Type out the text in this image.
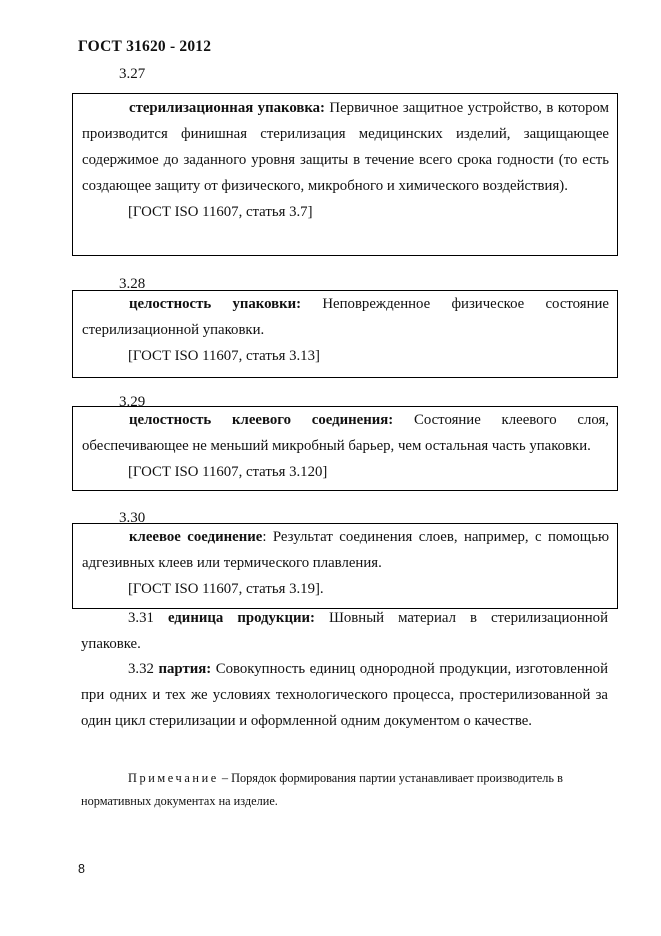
ГОСТ 31620 - 2012
3.27
стерилизационная упаковка: Первичное защитное устройство, в котором производится финишная стерилизация медицинских изделий, защищающее содержимое до заданного уровня защиты в течение всего срока годности (то есть создающее защиту от физического, микробного и химического воздействия).
[ГОСТ ISO 11607, статья 3.7]
3.28
целостность упаковки: Неповрежденное физическое состояние стерилизационной упаковки.
[ГОСТ ISO 11607, статья 3.13]
3.29
целостность клеевого соединения: Состояние клеевого слоя, обеспечивающее не меньший микробный барьер, чем остальная часть упаковки.
[ГОСТ ISO 11607, статья 3.120]
3.30
клеевое соединение: Результат соединения слоев, например, с помощью адгезивных клеев или термического плавления.
[ГОСТ ISO 11607, статья 3.19].
3.31 единица продукции: Шовный материал в стерилизационной упаковке.
3.32 партия: Совокупность единиц однородной продукции, изготовленной при одних и тех же условиях технологического процесса, простерилизованной за один цикл стерилизации и оформленной одним документом о качестве.
Примечание – Порядок формирования партии устанавливает производитель в нормативных документах на изделие.
8
